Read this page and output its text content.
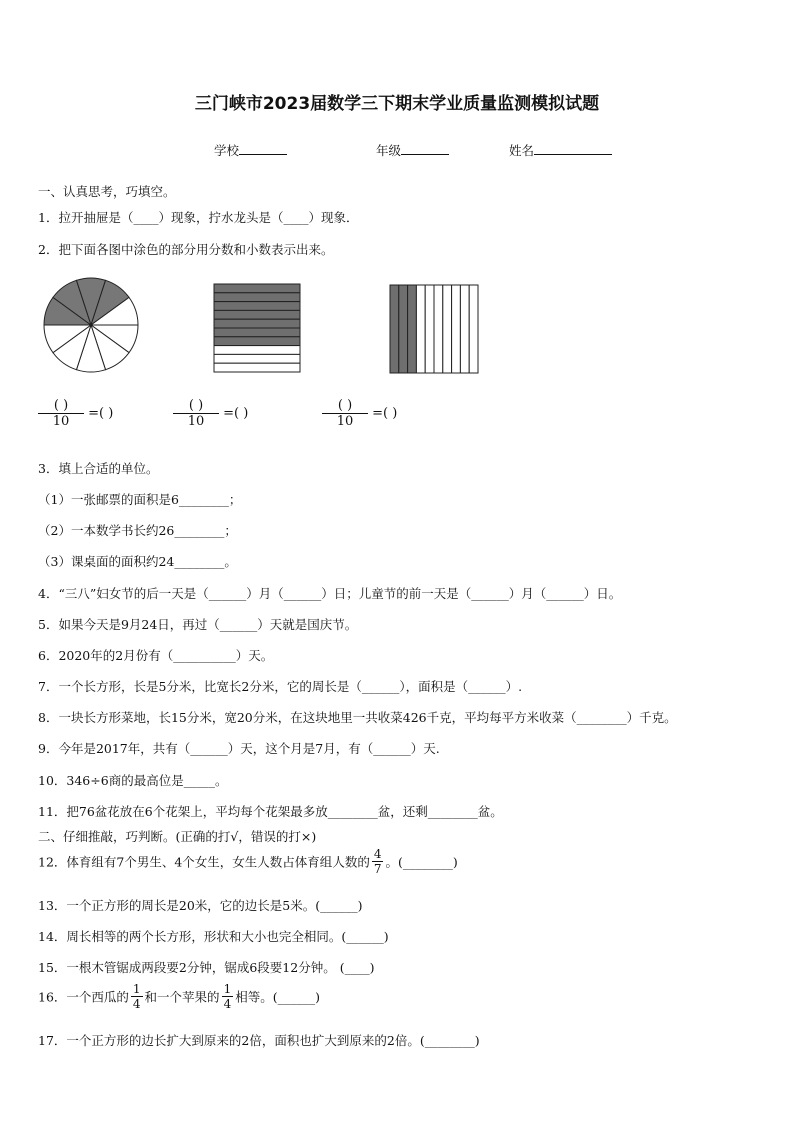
三门峡市2023届数学三下期末学业质量监测模拟试题
学校	年级	姓名
一、认真思考，巧填空。
1．拉开抽屉是（____）现象，拧水龙头是（____）现象．
2．把下面各图中涂色的部分用分数和小数表示出来。
$\frac{( )}{10}$ =( )	$\frac{( )}{10}$ =( )	$\frac{( )}{10}$ =( )
3．填上合适的单位。
（1）一张邮票的面积是6________；
（2）一本数学书长约26________；
（3）课桌面的面积约24________。
4．“三八”妇女节的后一天是（______）月（______）日；儿童节的前一天是（______）月（______）日。
5．如果今天是9月24日，再过（______）天就是国庆节。
6．2020年的2月份有（__________）天。
7．一个长方形，长是5分米，比宽长2分米，它的周长是（______），面积是（______）.
8．一块长方形菜地，长15分米，宽20分米，在这块地里一共收菜426千克，平均每平方米收菜（________）千克。
9．今年是2017年，共有（______）天，这个月是7月，有（______）天.
10．346÷6商的最高位是_____。
11．把76盆花放在6个花架上，平均每个花架最多放________盆，还剩________盆。
二、仔细推敲，巧判断。(正确的打√，错误的打×)
12．体育组有7个男生、4个女生，女生人数占体育组人数的 $\frac{4}{7}$ 。(________)
13．一个正方形的周长是20米，它的边长是5米。(______)
14．周长相等的两个长方形，形状和大小也完全相同。(______)
15．一根木管锯成两段要2分钟，锯成6段要12分钟。 (____)
16．一个西瓜的 $\frac{1}{4}$ 和一个苹果的 $\frac{1}{4}$ 相等。(______)
17．一个正方形的边长扩大到原来的2倍，面积也扩大到原来的2倍。(________)
